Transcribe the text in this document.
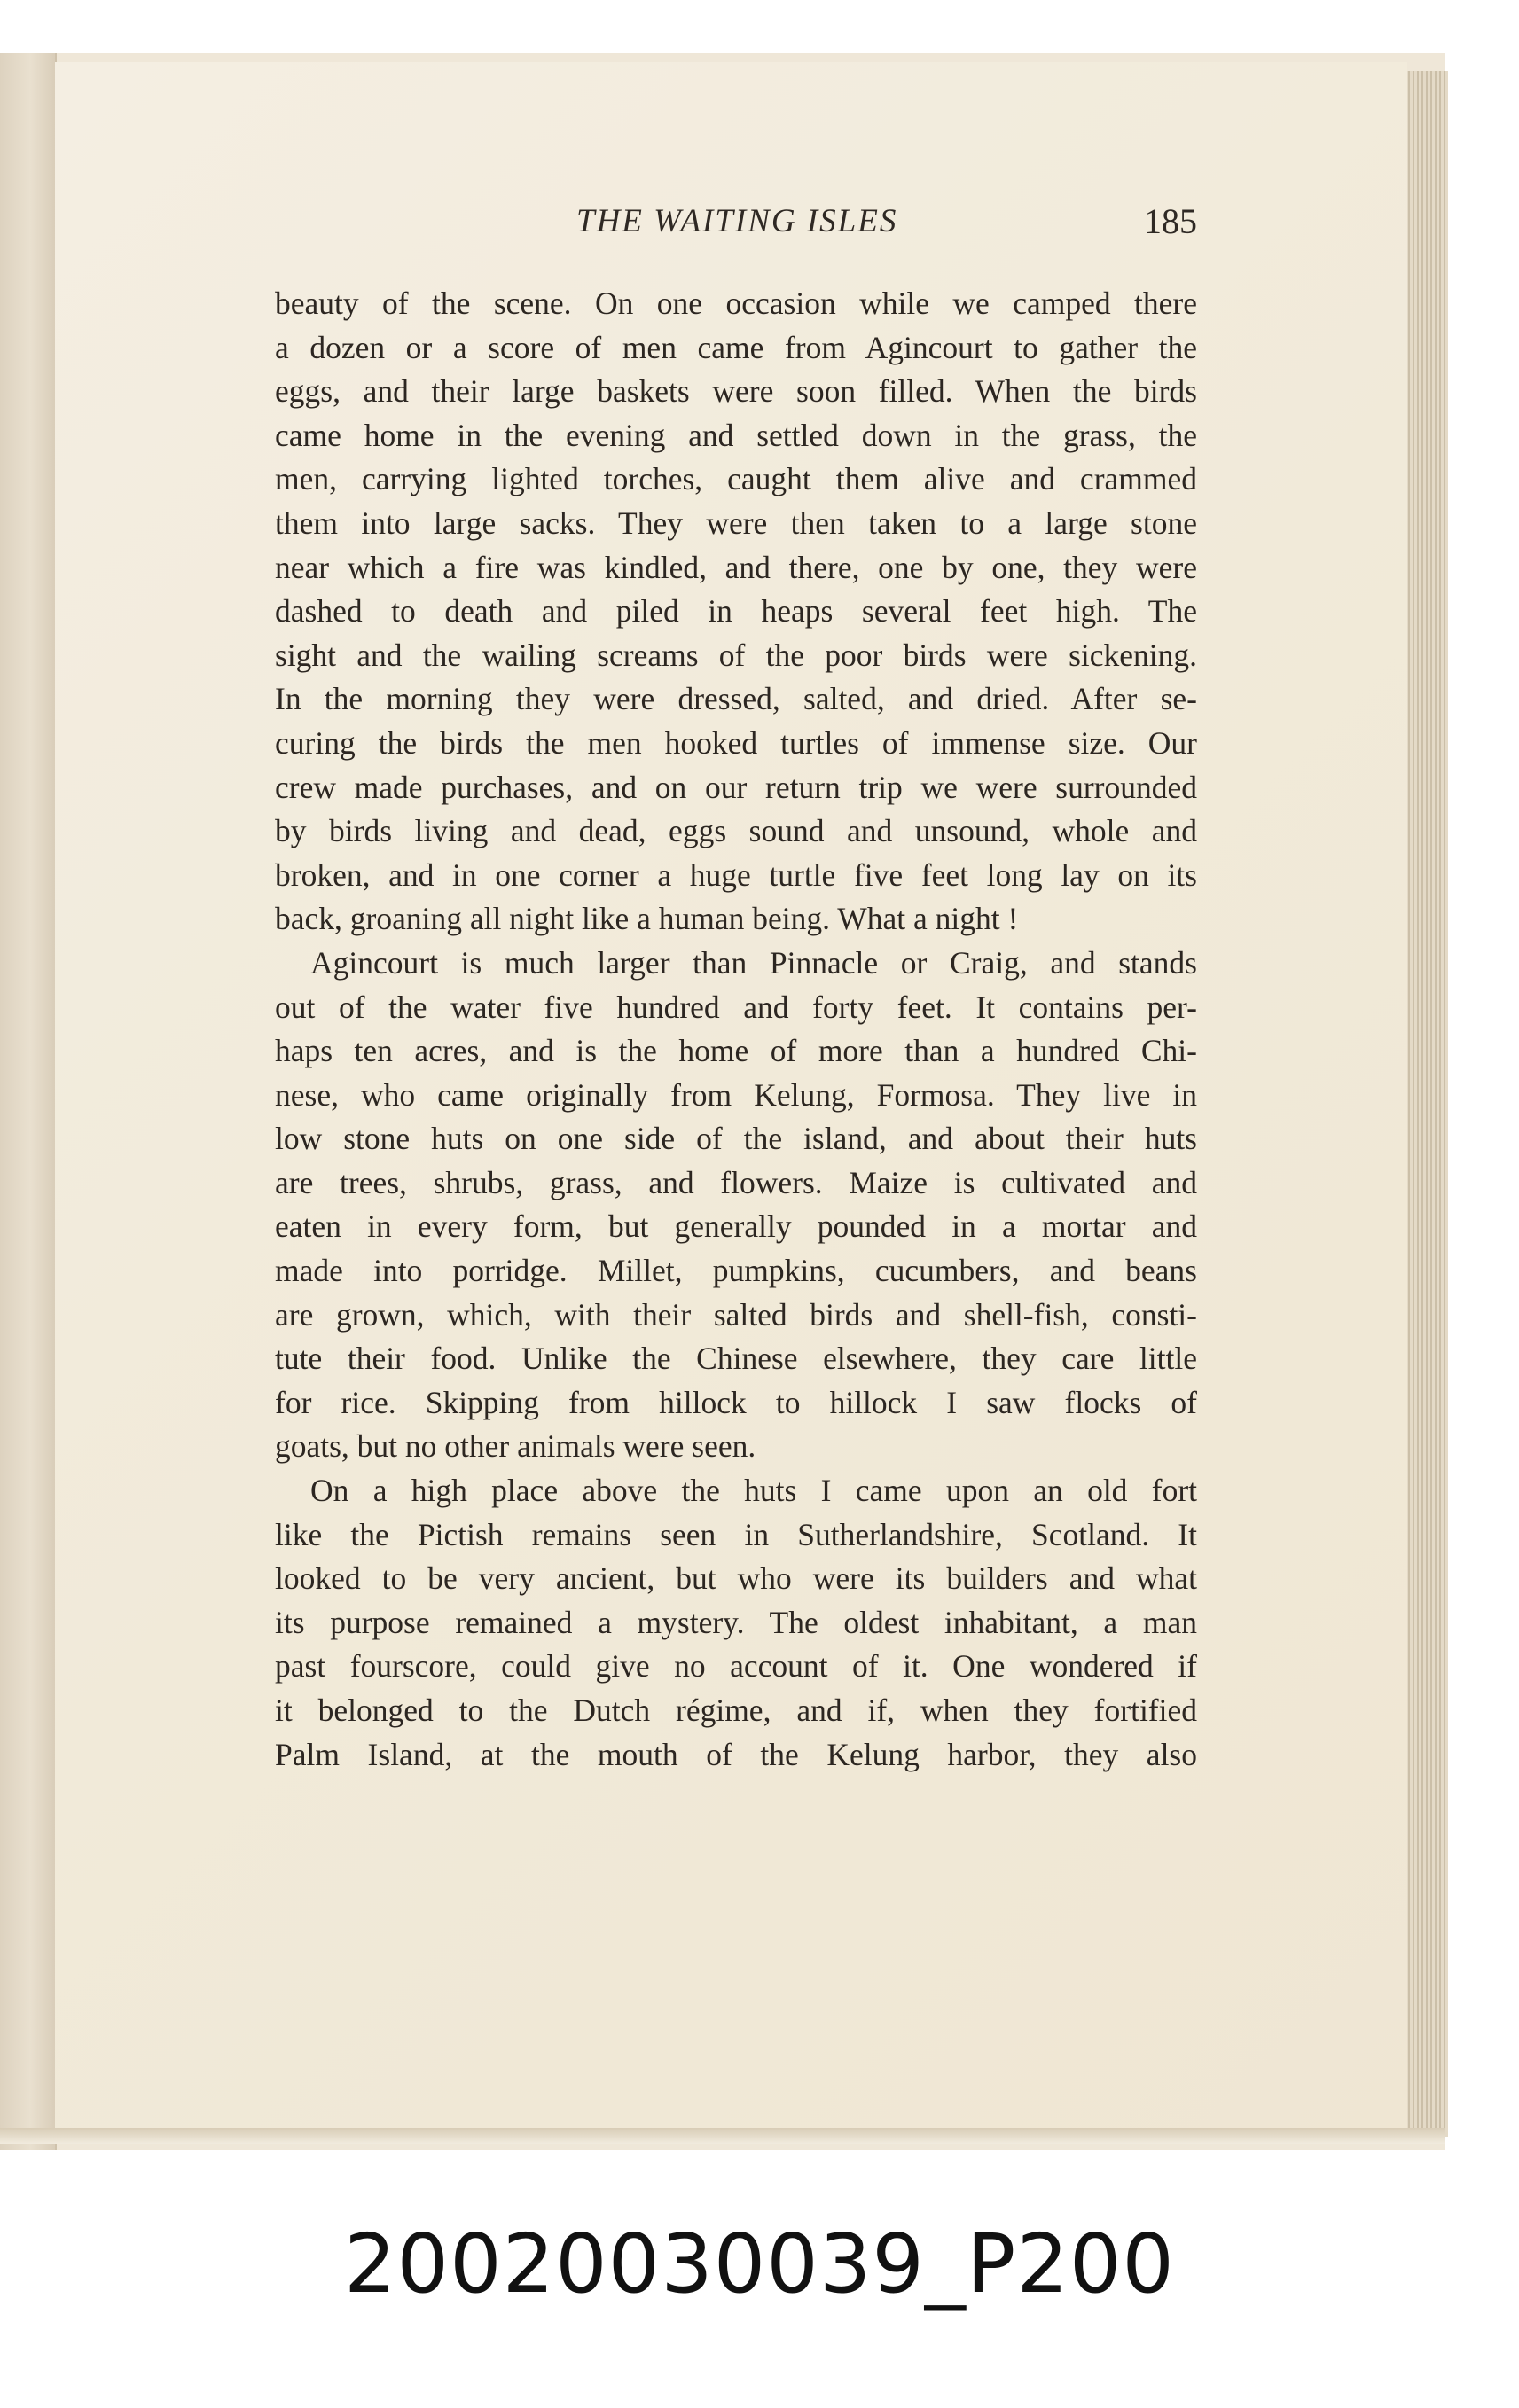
THE WAITING ISLES	185
beauty of the scene. On one occasion while we camped there
a dozen or a score of men came from Agincourt to gather the
eggs, and their large baskets were soon filled. When the birds
came home in the evening and settled down in the grass, the
men, carrying lighted torches, caught them alive and crammed
them into large sacks. They were then taken to a large stone
near which a fire was kindled, and there, one by one, they were
dashed to death and piled in heaps several feet high. The
sight and the wailing screams of the poor birds were sickening.
In the morning they were dressed, salted, and dried. After se-
curing the birds the men hooked turtles of immense size. Our
crew made purchases, and on our return trip we were surrounded
by birds living and dead, eggs sound and unsound, whole and
broken, and in one corner a huge turtle five feet long lay on its
back, groaning all night like a human being. What a night !
Agincourt is much larger than Pinnacle or Craig, and stands
out of the water five hundred and forty feet. It contains per-
haps ten acres, and is the home of more than a hundred Chi-
nese, who came originally from Kelung, Formosa. They live in
low stone huts on one side of the island, and about their huts
are trees, shrubs, grass, and flowers. Maize is cultivated and
eaten in every form, but generally pounded in a mortar and
made into porridge. Millet, pumpkins, cucumbers, and beans
are grown, which, with their salted birds and shell-fish, consti-
tute their food. Unlike the Chinese elsewhere, they care little
for rice. Skipping from hillock to hillock I saw flocks of
goats, but no other animals were seen.
On a high place above the huts I came upon an old fort
like the Pictish remains seen in Sutherlandshire, Scotland. It
looked to be very ancient, but who were its builders and what
its purpose remained a mystery. The oldest inhabitant, a man
past fourscore, could give no account of it. One wondered if
it belonged to the Dutch régime, and if, when they fortified
Palm Island, at the mouth of the Kelung harbor, they also
20020030039_P200
